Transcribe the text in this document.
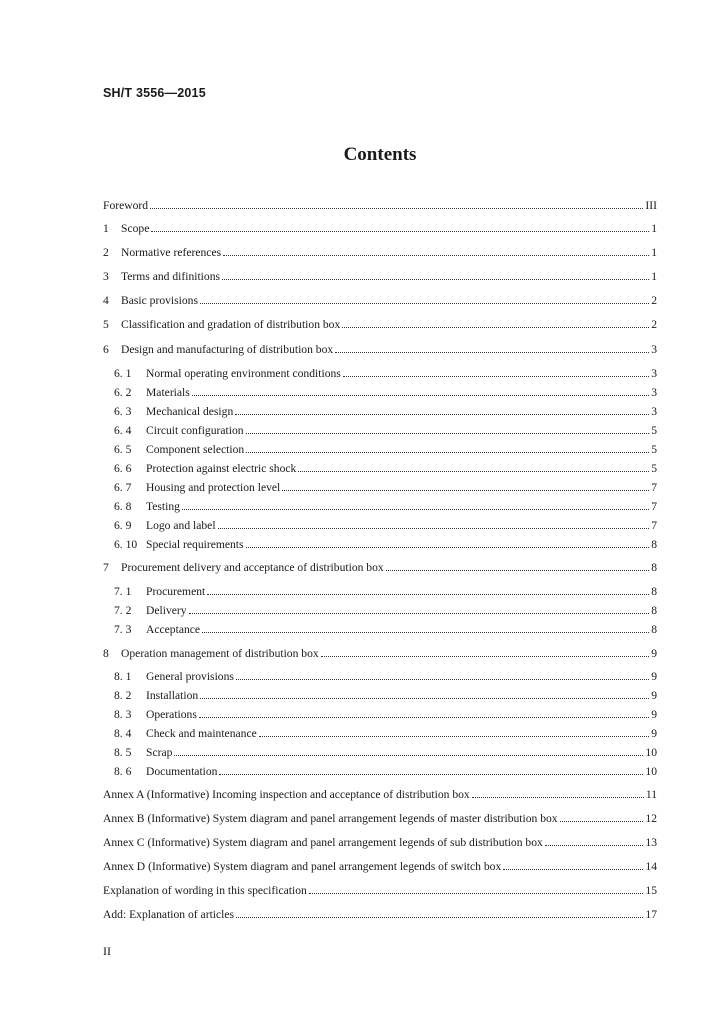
SH/T 3556—2015
Contents
Foreword	III
1	Scope	1
2	Normative references	1
3	Terms and difinitions	1
4	Basic provisions	2
5	Classification and gradation of distribution box	2
6	Design and manufacturing of distribution box	3
6. 1	Normal operating environment conditions	3
6. 2	Materials	3
6. 3	Mechanical design	3
6. 4	Circuit configuration	5
6. 5	Component selection	5
6. 6	Protection against electric shock	5
6. 7	Housing and protection level	7
6. 8	Testing	7
6. 9	Logo and label	7
6. 10 Special requirements	8
7	Procurement delivery and acceptance of distribution box	8
7. 1	Procurement	8
7. 2	Delivery	8
7. 3	Acceptance	8
8	Operation management of distribution box	9
8. 1	General provisions	9
8. 2	Installation	9
8. 3	Operations	9
8. 4	Check and maintenance	9
8. 5	Scrap	10
8. 6	Documentation	10
Annex A (Informative) Incoming inspection and acceptance of distribution box	11
Annex B (Informative) System diagram and panel arrangement legends of master distribution box	12
Annex C (Informative) System diagram and panel arrangement legends of sub distribution box	13
Annex D (Informative) System diagram and panel arrangement legends of switch box	14
Explanation of wording in this specification	15
Add: Explanation of articles	17
II
